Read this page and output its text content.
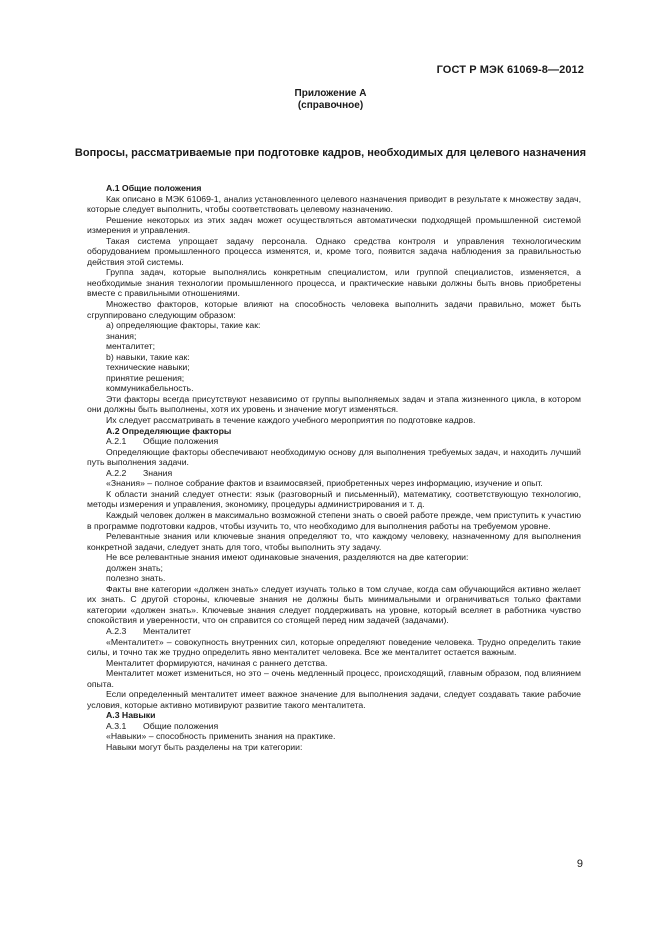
ГОСТ Р МЭК 61069-8—2012
Приложение А
(справочное)
Вопросы, рассматриваемые при подготовке кадров, необходимых для целевого назначения
А.1 Общие положения
Как описано в МЭК 61069-1, анализ установленного целевого назначения приводит в результате к множеству задач, которые следует выполнить, чтобы соответствовать целевому назначению.
Решение некоторых из этих задач может осуществляться автоматически подходящей промышленной системой измерения и управления.
Такая система упрощает задачу персонала. Однако средства контроля и управления технологическим оборудованием промышленного процесса изменятся, и, кроме того, появится задача наблюдения за правильностью действия этой системы.
Группа задач, которые выполнялись конкретным специалистом, или группой специалистов, изменяется, а необходимые знания технологии промышленного процесса, и практические навыки должны быть вновь приобретены вместе с правильными отношениями.
Множество факторов, которые влияют на способность человека выполнить задачи правильно, может быть сгруппировано следующим образом:
а) определяющие факторы, такие как:
знания;
менталитет;
b) навыки, такие как:
технические навыки;
принятие решения;
коммуникабельность.
Эти факторы всегда присутствуют независимо от группы выполняемых задач и этапа жизненного цикла, в котором они должны быть выполнены, хотя их уровень и значение могут изменяться.
Их следует рассматривать в течение каждого учебного мероприятия по подготовке кадров.
А.2 Определяющие факторы
А.2.1 Общие положения
Определяющие факторы обеспечивают необходимую основу для выполнения требуемых задач, и находить лучший путь выполнения задачи.
А.2.2 Знания
«Знания» – полное собрание фактов и взаимосвязей, приобретенных через информацию, изучение и опыт.
К области знаний следует отнести: язык (разговорный и письменный), математику, соответствующую технологию, методы измерения и управления, экономику, процедуры администрирования и т. д.
Каждый человек должен в максимально возможной степени знать о своей работе прежде, чем приступить к участию в программе подготовки кадров, чтобы изучить то, что необходимо для выполнения работы на требуемом уровне.
Релевантные знания или ключевые знания определяют то, что каждому человеку, назначенному для выполнения конкретной задачи, следует знать для того, чтобы выполнить эту задачу.
Не все релевантные знания имеют одинаковые значения, разделяются на две категории:
должен знать;
полезно знать.
Факты вне категории «должен знать» следует изучать только в том случае, когда сам обучающийся активно желает их знать. С другой стороны, ключевые знания не должны быть минимальными и ограничиваться только фактами категории «должен знать». Ключевые знания следует поддерживать на уровне, который вселяет в работника чувство спокойствия и уверенности, что он справится со стоящей перед ним задачей (задачами).
А.2.3 Менталитет
«Менталитет» – совокупность внутренних сил, которые определяют поведение человека. Трудно определить такие силы, и точно так же трудно определить явно менталитет человека. Все же менталитет остается важным.
Менталитет формируются, начиная с раннего детства.
Менталитет может измениться, но это – очень медленный процесс, происходящий, главным образом, под влиянием опыта.
Если определенный менталитет имеет важное значение для выполнения задачи, следует создавать такие рабочие условия, которые активно мотивируют развитие такого менталитета.
А.3 Навыки
А.3.1 Общие положения
«Навыки» – способность применить знания на практике.
Навыки могут быть разделены на три категории:
9
